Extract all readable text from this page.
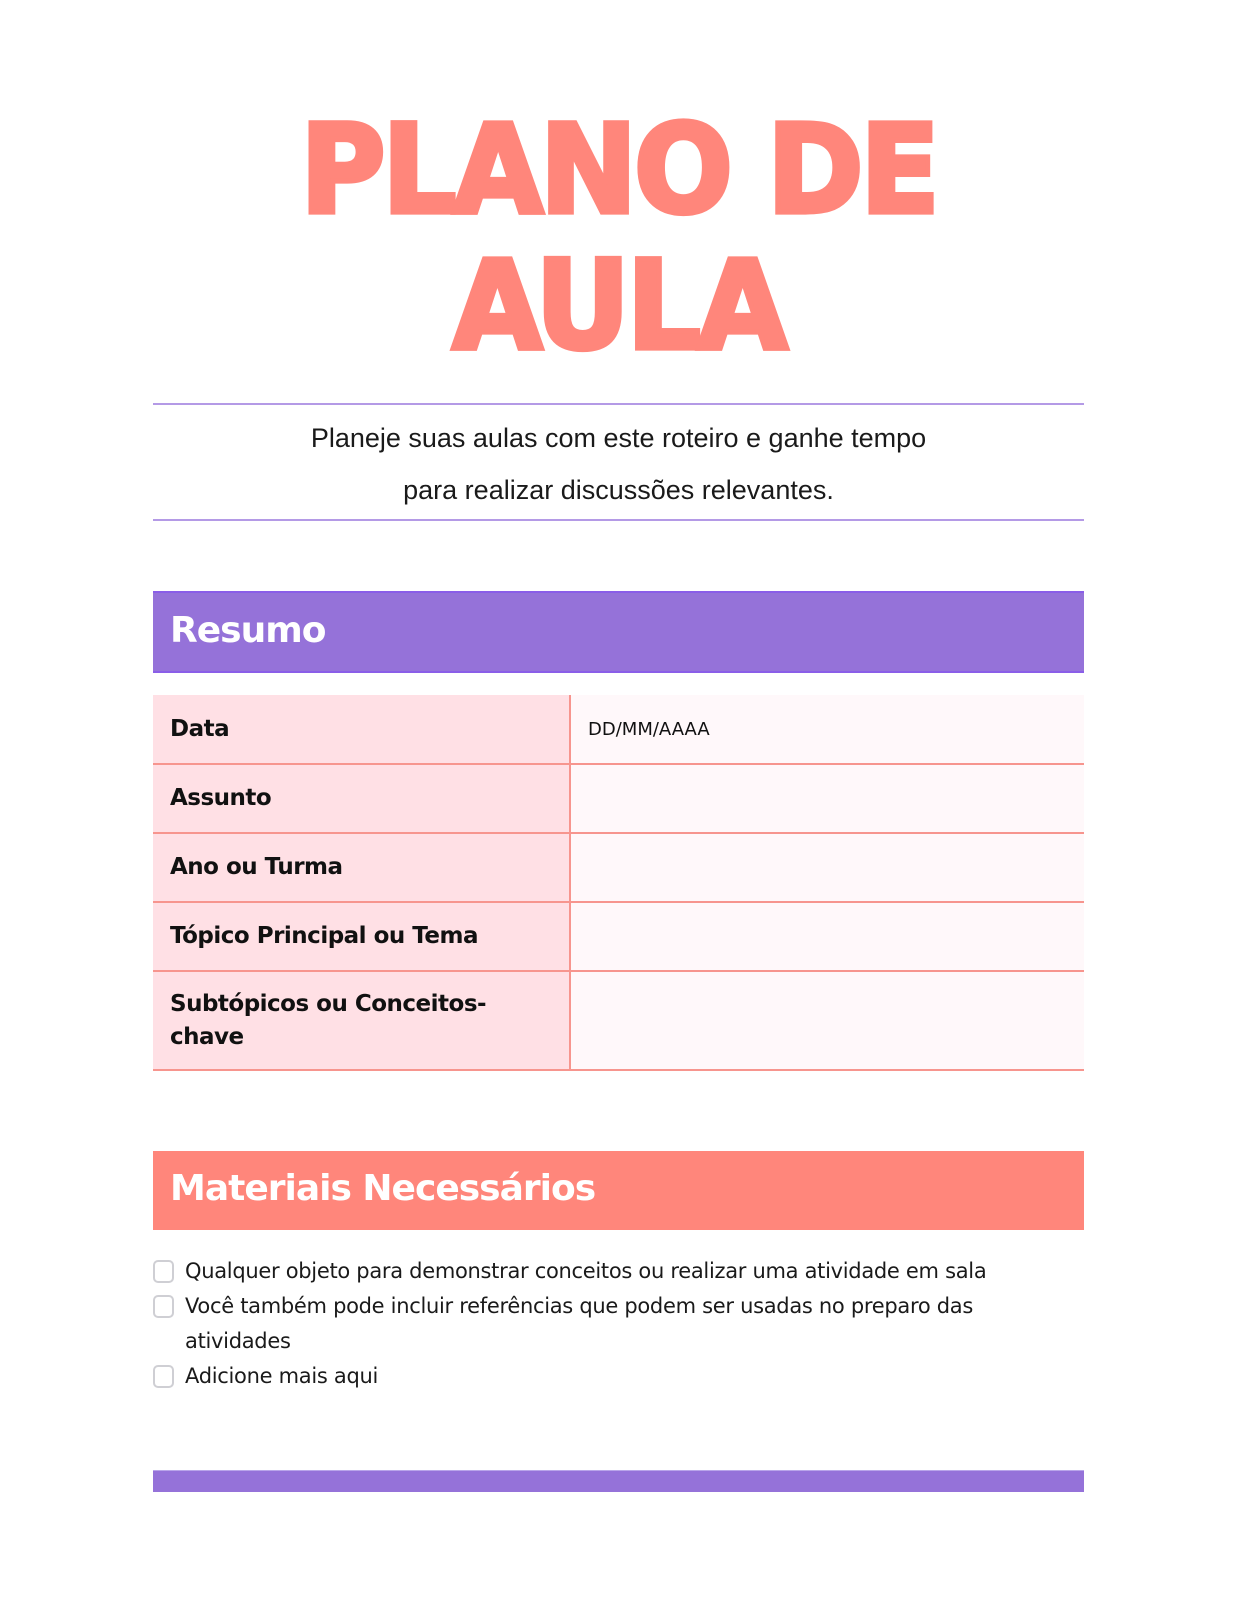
PLANO DE
AULA
Planeje suas aulas com este roteiro e ganhe tempo
para realizar discussões relevantes.
Resumo
Data	DD/MM/AAAA
Assunto	
Ano ou Turma	
Tópico Principal ou Tema	
Subtópicos ou Conceitos-chave	
Materiais Necessários
Qualquer objeto para demonstrar conceitos ou realizar uma atividade em sala
Você também pode incluir referências que podem ser usadas no preparo das atividades
Adicione mais aqui
